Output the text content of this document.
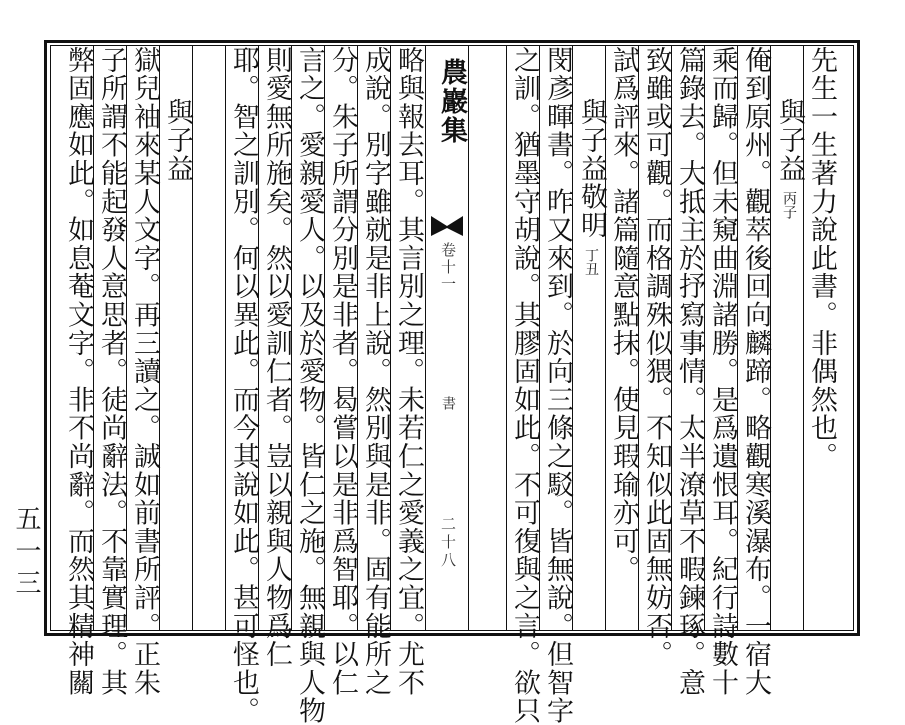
先生一生著力說此書。非偶然也。
與子益丙子
俺到原州。觀萃後回向麟蹄。略觀寒溪瀑布。一宿大
乘而歸。但未窺曲淵諸勝。是爲遺恨耳。紀行詩數十
篇錄去。大抵主於抒寫事情。太半潦草不暇鍊琢。意
致雖或可觀。而格調殊似猥。不知似此固無妨否。
試爲評來。諸篇隨意點抹。使見瑕瑜亦可。
與子益敬明丁丑
閔彥暉書。昨又來到。於向三條之駁。皆無說。但智字
之訓。猶墨守胡說。其膠固如此。不可復與之言。欲只
農巖集
卷十一
書
二十八
略與報去耳。其言別之理。未若仁之愛義之宜。尤不
成說。別字雖就是非上說。然別與是非。固有能所之
分。朱子所謂分別是非者。曷嘗以是非爲智耶。以仁
言之。愛親愛人。以及於愛物。皆仁之施。無親與人物
則愛無所施矣。然以愛訓仁者。豈以親與人物爲仁
耶。智之訓別。何以異此。而今其說如此。甚可怪也。
與子益
獄兒袖來某人文字。再三讀之。誠如前書所評。正朱
子所謂不能起發人意思者。徒尚辭法。不靠實理。其
弊固應如此。如息菴文字。非不尚辭。而然其精神關
五一三
